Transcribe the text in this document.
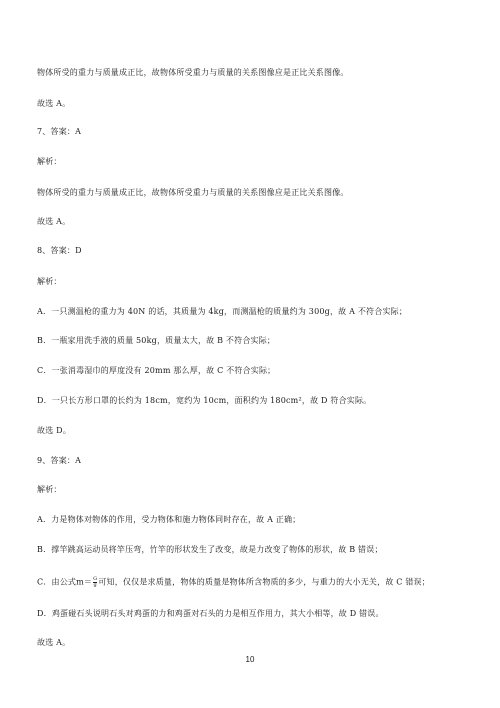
物体所受的重力与质量成正比，故物体所受重力与质量的关系图像应是正比关系图像。
故选 A。
7、答案：A
解析：
物体所受的重力与质量成正比，故物体所受重力与质量的关系图像应是正比关系图像。
故选 A。
8、答案：D
解析：
A．一只测温枪的重力为 40N 的话，其质量为 4kg，而测温枪的质量约为 300g，故 A 不符合实际；
B．一瓶家用洗手液的质量 50kg，质量太大，故 B 不符合实际；
C．一张消毒湿巾的厚度没有 20mm 那么厚，故 C 不符合实际；
D．一只长方形口罩的长约为 18cm，宽约为 10cm，面积约为 180cm²，故 D 符合实际。
故选 D。
9、答案：A
解析：
A．力是物体对物体的作用，受力物体和施力物体同时存在，故 A 正确；
B．撑竿跳高运动员将竿压弯，竹竿的形状发生了改变，故是力改变了物体的形状，故 B 错误；
C．由公式$m= \frac{G}{g}$ 可知，仅仅是求质量，物体的质量是物体所含物质的多少，与重力的大小无关，故 C 错误；
D．鸡蛋碰石头说明石头对鸡蛋的力和鸡蛋对石头的力是相互作用力，其大小相等，故 D 错误。
故选 A。
10
